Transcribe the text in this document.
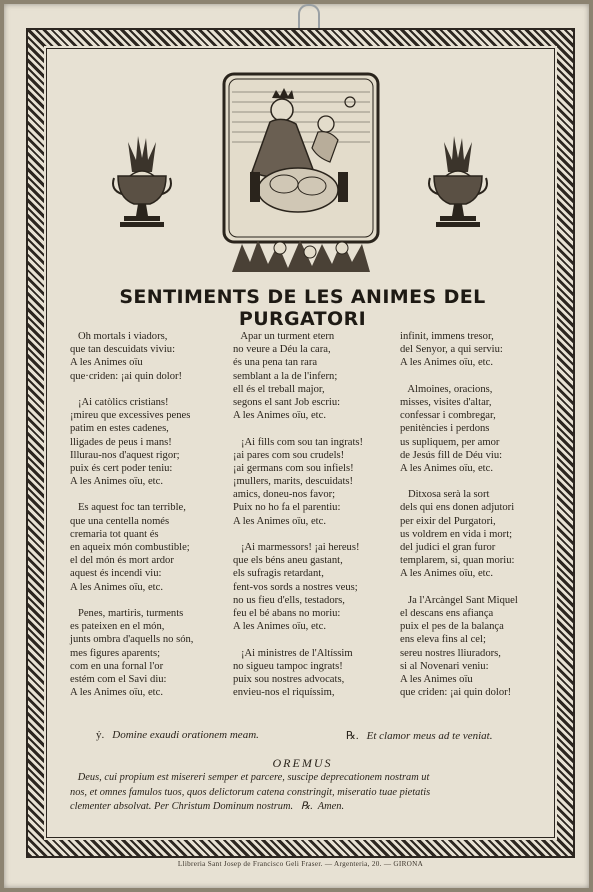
SENTIMENTS DE LES ANIMES DEL PURGATORI
Oh mortals i viadors,
que tan descuidats viviu:
A les Animes oïu
que·criden: ¡ai quin dolor!
¡Ai catòlics cristians!
¡mireu que excessives penes
patim en estes cadenes,
lligades de peus i mans!
Illurau-nos d'aquest rigor;
puix és cert poder teniu:
A les Animes oïu, etc.
Es aquest foc tan terrible,
que una centella només
cremaria tot quant és
en aqueix món combustible;
el del món és mort ardor
aquest és incendi viu:
A les Animes oïu, etc.
Penes, martiris, turments
es pateixen en el món,
junts ombra d'aquells no són,
mes figures aparents;
com en una fornal l'or
estém com el Savi diu:
A les Animes oïu, etc.
Apar un turment etern
no veure a Déu la cara,
és una pena tan rara
semblant a la de l'infern;
ell és el treball major,
segons el sant Job escriu:
A les Animes oïu, etc.
¡Ai fills com sou tan ingrats!
¡ai pares com sou crudels!
¡ai germans com sou infiels!
¡mullers, marits, descuidats!
amics, doneu-nos favor;
Puix no ho fa el parentiu:
A les Animes oïu, etc.
¡Ai marmessors! ¡ai hereus!
que els béns aneu gastant,
els sufragis retardant,
fent-vos sords a nostres veus;
no us fieu d'ells, testadors,
feu el bé abans no moriu:
A les Animes oïu, etc.
¡Ai ministres de l'Altíssim
no sigueu tampoc ingrats!
puix sou nostres advocats,
envieu-nos el riquíssim,
infinit, immens tresor,
del Senyor, a qui serviu:
A les Animes oïu, etc.
Almoines, oracions,
misses, visites d'altar,
confessar i combregar,
penitències i perdons
us supliquem, per amor
de Jesús fill de Déu viu:
A les Animes oïu, etc.
Ditxosa serà la sort
dels qui ens donen adjutori
per eixir del Purgatori,
us voldrem en vida i mort;
del judici el gran furor
templarem, si, quan moriu:
A les Animes oïu, etc.
Ja l'Arcàngel Sant Miquel
el descans ens afiança
puix el pes de la balança
ens eleva fins al cel;
sereu nostres lliuradors,
si al Novenari veniu:
A les Animes oïu
que criden: ¡ai quin dolor!
ỷ. Domine exaudi orationem meam.	℞. Et clamor meus ad te veniat.
OREMUS
Deus, cui propium est misereri semper et parcere, suscipe deprecationem nostram ut
nos, et omnes famulos tuos, quos delictorum catena constringit, miseratio tuae pietatis
clementer absolvat. Per Christum Dominum nostrum.   ℞.  Amen.
Llibreria Sant Josep de Francisco Geli Fraser. — Argenteria, 20. — GIRONA
